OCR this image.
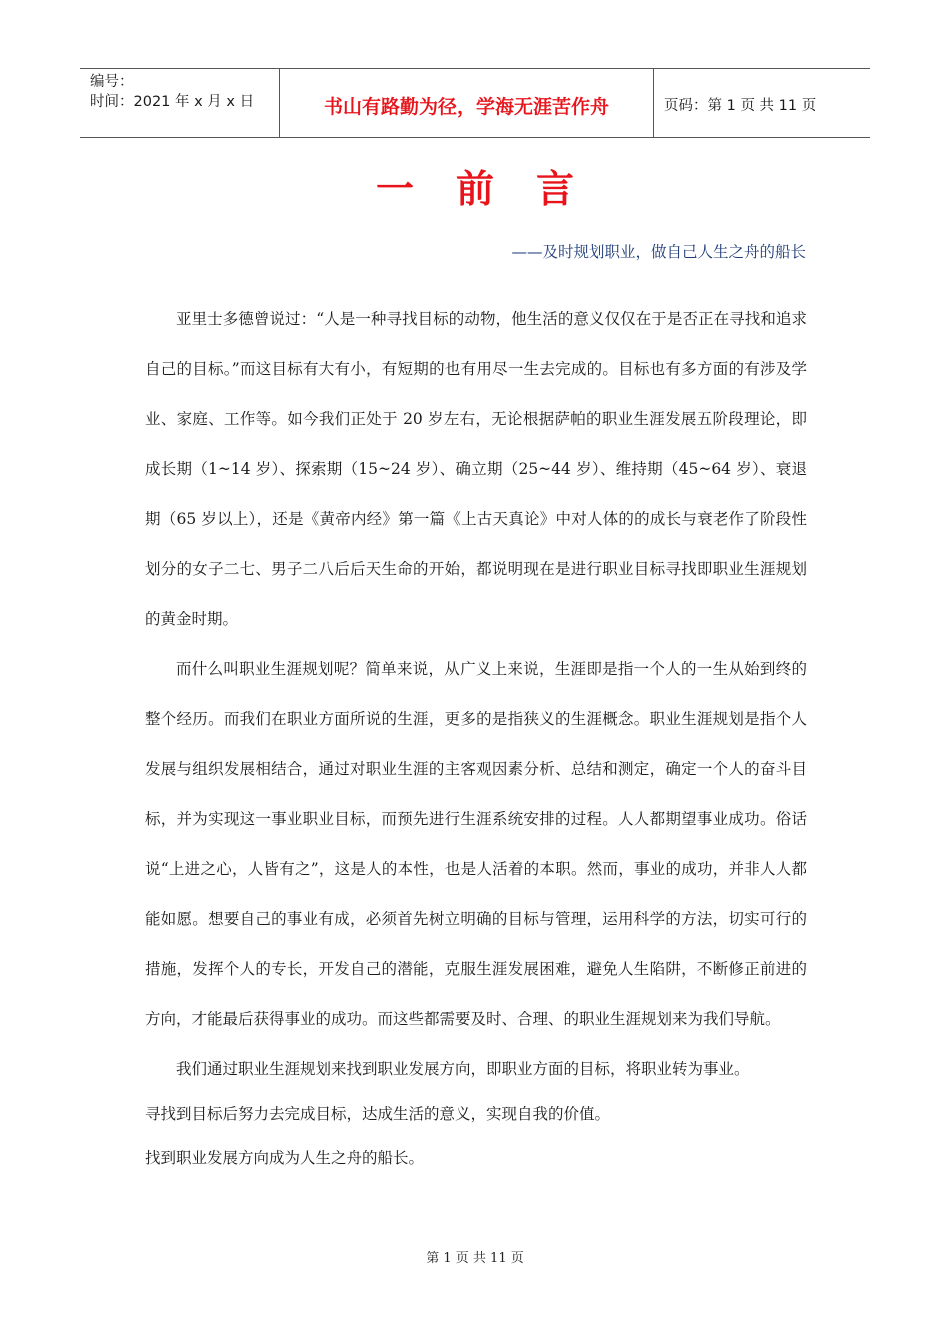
编号：
时间：2021 年 x 月 x 日	书山有路勤为径，学海无涯苦作舟	页码：第 1 页 共 11 页
一前言
——及时规划职业，做自己人生之舟的船长

亚里士多德曾说过：“人是一种寻找目标的动物，他生活的意义仅仅在于是否正在寻找和追求自己的目标。”而这目标有大有小，有短期的也有用尽一生去完成的。目标也有多方面的有涉及学业、家庭、工作等。如今我们正处于 20 岁左右，无论根据萨帕的职业生涯发展五阶段理论，即成长期（1~14 岁）、探索期（15~24 岁）、确立期（25~44 岁）、维持期（45~64 岁）、衰退期（65 岁以上），还是《黄帝内经》第一篇《上古天真论》中对人体的的成长与衰老作了阶段性划分的女子二七、男子二八后后天生命的开始，都说明现在是进行职业目标寻找即职业生涯规划的黄金时期。

而什么叫职业生涯规划呢？简单来说，从广义上来说，生涯即是指一个人的一生从始到终的整个经历。而我们在职业方面所说的生涯，更多的是指狭义的生涯概念。职业生涯规划是指个人发展与组织发展相结合，通过对职业生涯的主客观因素分析、总结和测定，确定一个人的奋斗目标，并为实现这一事业职业目标，而预先进行生涯系统安排的过程。人人都期望事业成功。俗话说“上进之心，人皆有之”，这是人的本性，也是人活着的本职。然而，事业的成功，并非人人都能如愿。想要自己的事业有成，必须首先树立明确的目标与管理，运用科学的方法，切实可行的措施，发挥个人的专长，开发自己的潜能，克服生涯发展困难，避免人生陷阱，不断修正前进的方向，才能最后获得事业的成功。而这些都需要及时、合理、的职业生涯规划来为我们导航。

我们通过职业生涯规划来找到职业发展方向，即职业方面的目标，将职业转为事业。

寻找到目标后努力去完成目标，达成生活的意义，实现自我的价值。

找到职业发展方向成为人生之舟的船长。

第 1 页 共 11 页
